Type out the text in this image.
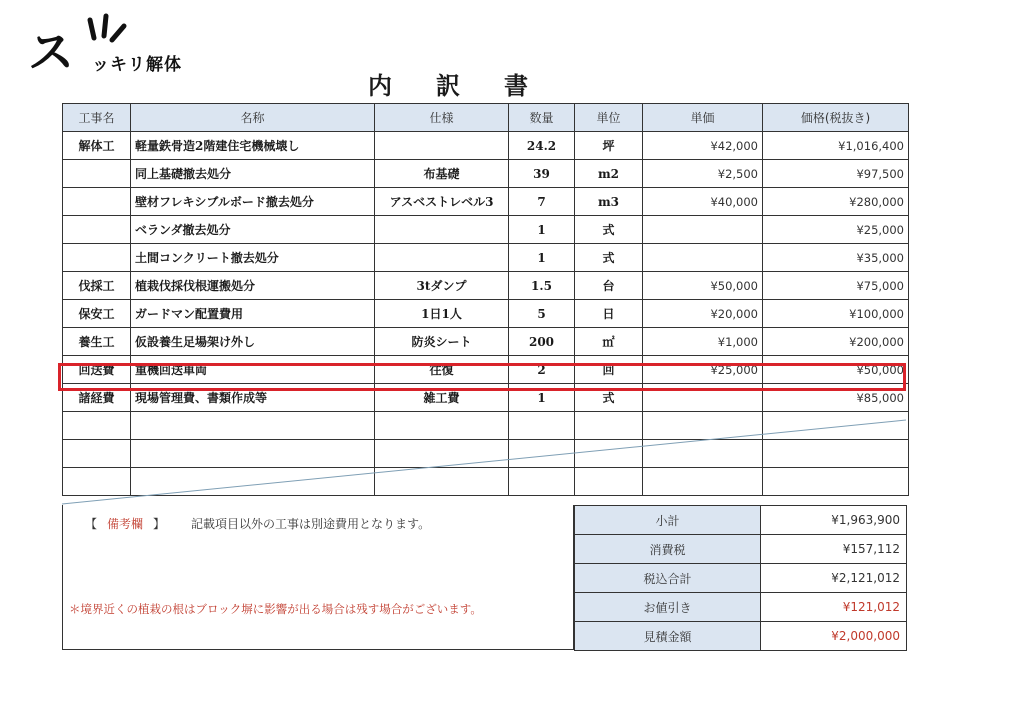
ス ッキリ解体
内訳書
工事名	名称	仕様	数量	単位	単価	価格(税抜き)
解体工	軽量鉄骨造2階建住宅機械壊し		24.2	坪	¥42,000	¥1,016,400
	同上基礎撤去処分	布基礎	39	m2	¥2,500	¥97,500
	壁材フレキシブルボード撤去処分	アスベストレベル3	7	m3	¥40,000	¥280,000
	ベランダ撤去処分		1	式		¥25,000
	土間コンクリート撤去処分		1	式		¥35,000
伐採工	植栽伐採伐根運搬処分	3tダンプ	1.5	台	¥50,000	¥75,000
保安工	ガードマン配置費用	1日1人	5	日	¥20,000	¥100,000
養生工	仮設養生足場架け外し	防炎シート	200	㎡	¥1,000	¥200,000
回送費	重機回送車両	往復	2	回	¥25,000	¥50,000
諸経費	現場管理費、書類作成等	雑工費	1	式		¥85,000

【 備考欄 】 記載項目以外の工事は別途費用となります。
＊境界近くの植栽の根はブロック塀に影響が出る場合は残す場合がございます。
小計	¥1,963,900
消費税	¥157,112
税込合計	¥2,121,012
お値引き	¥121,012
見積金額	¥2,000,000
